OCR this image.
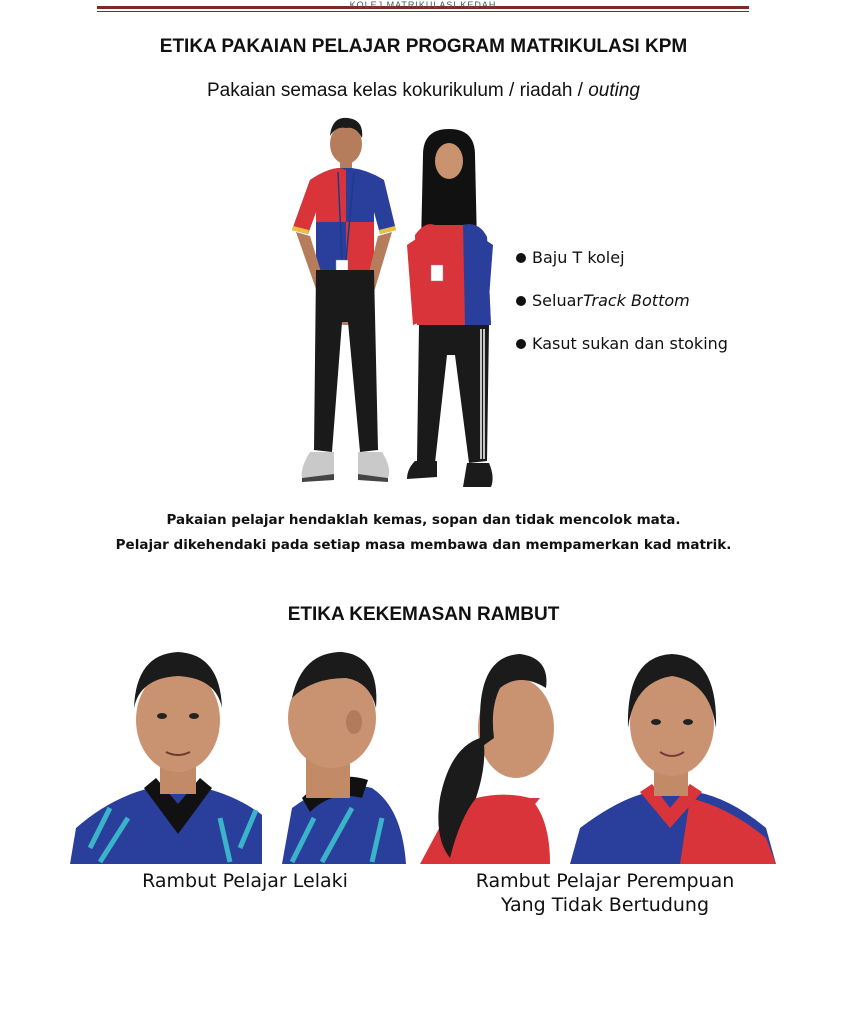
KOLEJ MATRIKULASI KEDAH
ETIKA PAKAIAN PELAJAR PROGRAM MATRIKULASI KPM
Pakaian semasa kelas kokurikulum / riadah / outing
Baju T kolej
Seluar Track Bottom
Kasut sukan dan stoking
Pakaian pelajar hendaklah kemas, sopan dan tidak mencolok mata.
Pelajar dikehendaki pada setiap masa membawa dan mempamerkan kad matrik.
ETIKA KEKEMASAN RAMBUT
Rambut Pelajar Lelaki	Rambut Pelajar Perempuan
Yang Tidak Bertudung
